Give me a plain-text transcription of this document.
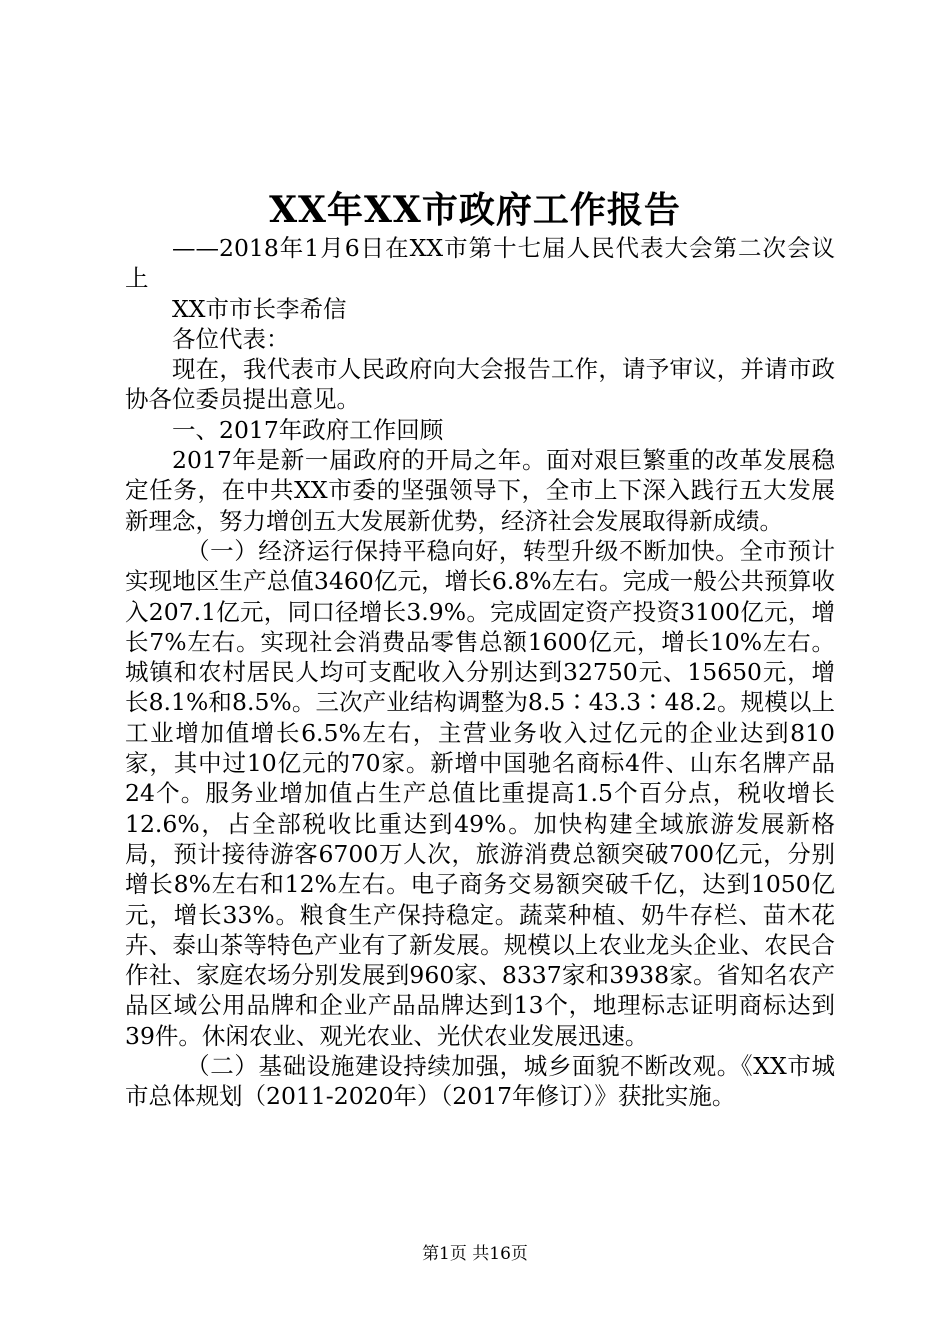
XX年XX市政府工作报告

——2018年1月6日在XX市第十七届人民代表大会第二次会议上

XX市市长李希信

各位代表：

现在，我代表市人民政府向大会报告工作，请予审议，并请市政协各位委员提出意见。

一、2017年政府工作回顾

2017年是新一届政府的开局之年。面对艰巨繁重的改革发展稳定任务，在中共XX市委的坚强领导下，全市上下深入践行五大发展新理念，努力增创五大发展新优势，经济社会发展取得新成绩。

（一）经济运行保持平稳向好，转型升级不断加快。全市预计实现地区生产总值3460亿元，增长6.8%左右。完成一般公共预算收入207.1亿元，同口径增长3.9%。完成固定资产投资3100亿元，增长7%左右。实现社会消费品零售总额1600亿元，增长10%左右。城镇和农村居民人均可支配收入分别达到32750元、15650元，增长8.1%和8.5%。三次产业结构调整为8.5∶43.3∶48.2。规模以上工业增加值增长6.5%左右，主营业务收入过亿元的企业达到810家，其中过10亿元的70家。新增中国驰名商标4件、山东名牌产品24个。服务业增加值占生产总值比重提高1.5个百分点，税收增长12.6%，占全部税收比重达到49%。加快构建全域旅游发展新格局，预计接待游客6700万人次，旅游消费总额突破700亿元，分别增长8%左右和12%左右。电子商务交易额突破千亿，达到1050亿元，增长33%。粮食生产保持稳定。蔬菜种植、奶牛存栏、苗木花卉、泰山茶等特色产业有了新发展。规模以上农业龙头企业、农民合作社、家庭农场分别发展到960家、8337家和3938家。省知名农产品区域公用品牌和企业产品品牌达到13个，地理标志证明商标达到39件。休闲农业、观光农业、光伏农业发展迅速。

（二）基础设施建设持续加强，城乡面貌不断改观。《XX市城市总体规划（2011-2020年）（2017年修订）》获批实施。

第1页 共16页
